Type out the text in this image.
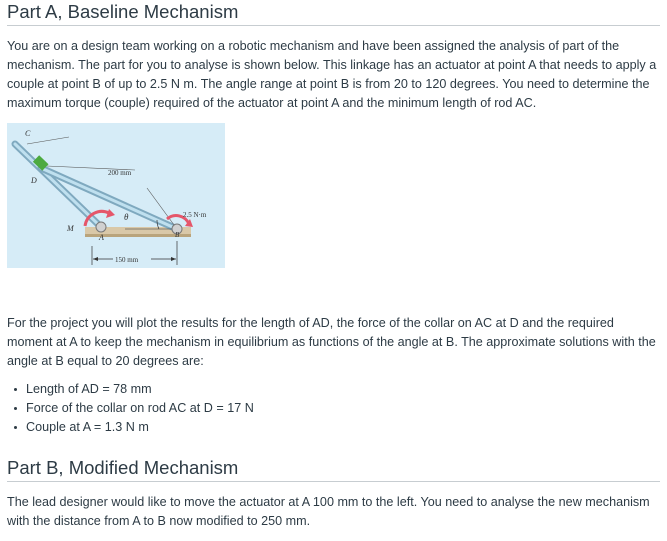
Part A, Baseline Mechanism

You are on a design team working on a robotic mechanism and have been assigned the analysis of part of the mechanism. The part for you to analyse is shown below. This linkage has an actuator at point A that needs to apply a couple at point B of up to 2.5 N m. The angle range at point B is from 20 to 120 degrees. You need to determine the maximum torque (couple) required of the actuator at point A and the minimum length of rod AC.

C
D
M
A	B
θ
200 mm
150 mm
2.5 N·m

For the project you will plot the results for the length of AD, the force of the collar on AC at D and the required moment at A to keep the mechanism in equilibrium as functions of the angle at B. The approximate solutions with the angle at B equal to 20 degrees are:

Length of AD = 78 mm
Force of the collar on rod AC at D = 17 N
Couple at A = 1.3 N m
Part B, Modified Mechanism

The lead designer would like to move the actuator at A 100 mm to the left. You need to analyse the new mechanism with the distance from A to B now modified to 250 mm.
